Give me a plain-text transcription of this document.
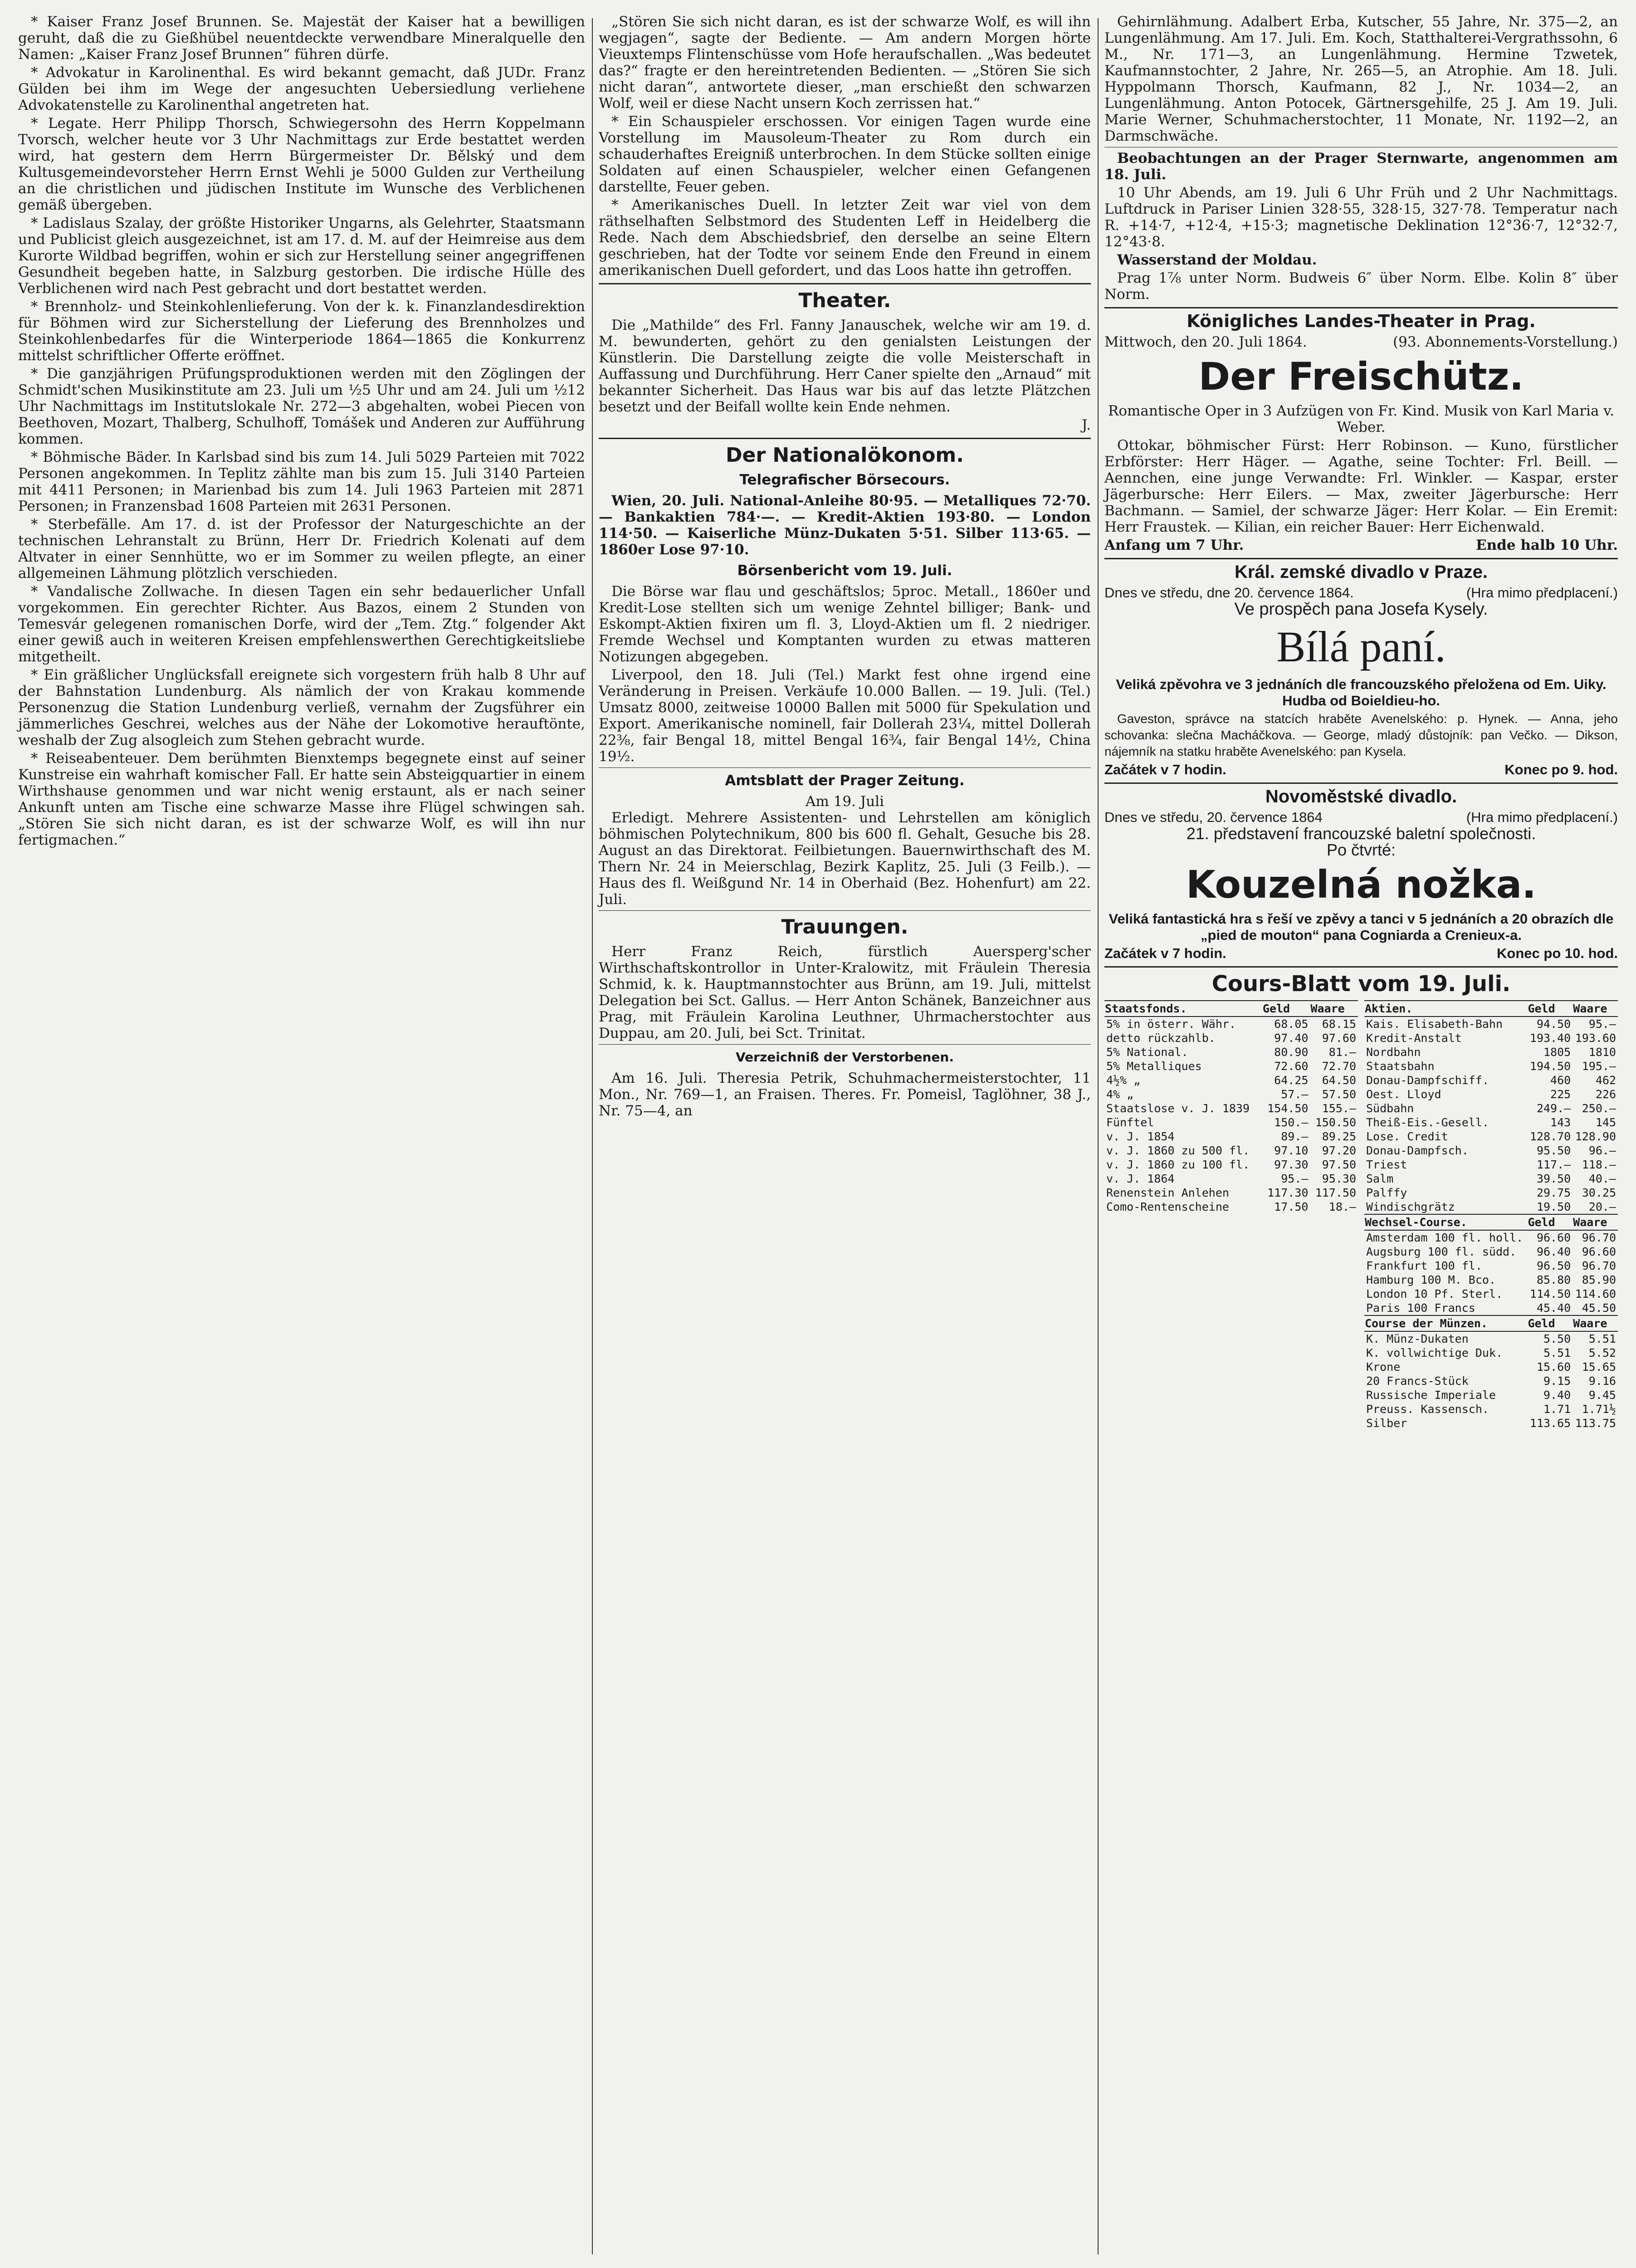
* Kaiser Franz Josef Brunnen. Se. Majestät der Kaiser hat a bewilligen geruht, daß die zu Gießhübel neuentdeckte verwendbare Mineralquelle den Namen: „Kaiser Franz Josef Brunnen“ führen dürfe.

* Advokatur in Karolinenthal. Es wird bekannt gemacht, daß JUDr. Franz Gülden bei ihm im Wege der angesuchten Uebersiedlung verliehene Advokatenstelle zu Karolinenthal angetreten hat.

* Legate. Herr Philipp Thorsch, Schwiegersohn des Herrn Koppelmann Tvorsch, welcher heute vor 3 Uhr Nachmittags zur Erde bestattet werden wird, hat gestern dem Herrn Bürgermeister Dr. Bělský und dem Kultusgemeindevorsteher Herrn Ernst Wehli je 5000 Gulden zur Vertheilung an die christlichen und jüdischen Institute im Wunsche des Verblichenen gemäß übergeben.

* Ladislaus Szalay, der größte Historiker Ungarns, als Gelehrter, Staatsmann und Publicist gleich ausgezeichnet, ist am 17. d. M. auf der Heimreise aus dem Kurorte Wildbad begriffen, wohin er sich zur Herstellung seiner angegriffenen Gesundheit begeben hatte, in Salzburg gestorben. Die irdische Hülle des Verblichenen wird nach Pest gebracht und dort bestattet werden.

* Brennholz- und Steinkohlenlieferung. Von der k. k. Finanzlandesdirektion für Böhmen wird zur Sicherstellung der Lieferung des Brennholzes und Steinkohlenbedarfes für die Winterperiode 1864—1865 die Konkurrenz mittelst schriftlicher Offerte eröffnet.

* Die ganzjährigen Prüfungsproduktionen werden mit den Zöglingen der Schmidt'schen Musikinstitute am 23. Juli um ½5 Uhr und am 24. Juli um ½12 Uhr Nachmittags im Institutslokale Nr. 272—3 abgehalten, wobei Piecen von Beethoven, Mozart, Thalberg, Schulhoff, Tomášek und Anderen zur Aufführung kommen.

* Böhmische Bäder. In Karlsbad sind bis zum 14. Juli 5029 Parteien mit 7022 Personen angekommen. In Teplitz zählte man bis zum 15. Juli 3140 Parteien mit 4411 Personen; in Marienbad bis zum 14. Juli 1963 Parteien mit 2871 Personen; in Franzensbad 1608 Parteien mit 2631 Personen.

* Sterbefälle. Am 17. d. ist der Professor der Naturgeschichte an der technischen Lehranstalt zu Brünn, Herr Dr. Friedrich Kolenati auf dem Altvater in einer Sennhütte, wo er im Sommer zu weilen pflegte, an einer allgemeinen Lähmung plötzlich verschieden.

* Vandalische Zollwache. In diesen Tagen ein sehr bedauerlicher Unfall vorgekommen. Ein gerechter Richter. Aus Bazos, einem 2 Stunden von Temesvár gelegenen romanischen Dorfe, wird der „Tem. Ztg.“ folgender Akt einer gewiß auch in weiteren Kreisen empfehlenswerthen Gerechtigkeitsliebe mitgetheilt.

* Ein gräßlicher Unglücksfall ereignete sich vorgestern früh halb 8 Uhr auf der Bahnstation Lundenburg. Als nämlich der von Krakau kommende Personenzug die Station Lundenburg verließ, vernahm der Zugsführer ein jämmerliches Geschrei, welches aus der Nähe der Lokomotive herauftönte, weshalb der Zug alsogleich zum Stehen gebracht wurde.

* Reiseabenteuer. Dem berühmten Bienxtemps begegnete einst auf seiner Kunstreise ein wahrhaft komischer Fall. Er hatte sein Absteigquartier in einem Wirthshause genommen und war nicht wenig erstaunt, als er nach seiner Ankunft unten am Tische eine schwarze Masse ihre Flügel schwingen sah. „Stören Sie sich nicht daran, es ist der schwarze Wolf, es will ihn nur fertigmachen.“

„Stören Sie sich nicht daran, es ist der schwarze Wolf, es will ihn wegjagen“, sagte der Bediente. — Am andern Morgen hörte Vieuxtemps Flintenschüsse vom Hofe heraufschallen. „Was bedeutet das?“ fragte er den hereintretenden Bedienten. — „Stören Sie sich nicht daran“, antwortete dieser, „man erschießt den schwarzen Wolf, weil er diese Nacht unsern Koch zerrissen hat.“

* Ein Schauspieler erschossen. Vor einigen Tagen wurde eine Vorstellung im Mausoleum-Theater zu Rom durch ein schauderhaftes Ereigniß unterbrochen. In dem Stücke sollten einige Soldaten auf einen Schauspieler, welcher einen Gefangenen darstellte, Feuer geben.

* Amerikanisches Duell. In letzter Zeit war viel von dem räthselhaften Selbstmord des Studenten Leff in Heidelberg die Rede. Nach dem Abschiedsbrief, den derselbe an seine Eltern geschrieben, hat der Todte vor seinem Ende den Freund in einem amerikanischen Duell gefordert, und das Loos hatte ihn getroffen.

Theater.

Die „Mathilde“ des Frl. Fanny Janauschek, welche wir am 19. d. M. bewunderten, gehört zu den genialsten Leistungen der Künstlerin. Die Darstellung zeigte die volle Meisterschaft in Auffassung und Durchführung. Herr Caner spielte den „Arnaud“ mit bekannter Sicherheit. Das Haus war bis auf das letzte Plätzchen besetzt und der Beifall wollte kein Ende nehmen.

J.

Der Nationalökonom.
Telegrafischer Börsecours.

Wien, 20. Juli. National-Anleihe 80·95. — Metalliques 72·70. — Bankaktien 784·—. — Kredit-Aktien 193·80. — London 114·50. — Kaiserliche Münz-Dukaten 5·51. Silber 113·65. — 1860er Lose 97·10.

Börsenbericht vom 19. Juli.

Die Börse war flau und geschäftslos; 5proc. Metall., 1860er und Kredit-Lose stellten sich um wenige Zehntel billiger; Bank- und Eskompt-Aktien fixiren um fl. 3, Lloyd-Aktien um fl. 2 niedriger. Fremde Wechsel und Komptanten wurden zu etwas matteren Notizungen abgegeben.

Liverpool, den 18. Juli (Tel.) Markt fest ohne irgend eine Veränderung in Preisen. Verkäufe 10.000 Ballen. — 19. Juli. (Tel.) Umsatz 8000, zeitweise 10000 Ballen mit 5000 für Spekulation und Export. Amerikanische nominell, fair Dollerah 23¼, mittel Dollerah 22⅜, fair Bengal 18, mittel Bengal 16¾, fair Bengal 14½, China 19½.

Amtsblatt der Prager Zeitung.
Am 19. Juli

Erledigt. Mehrere Assistenten- und Lehrstellen am königlich böhmischen Polytechnikum, 800 bis 600 fl. Gehalt, Gesuche bis 28. August an das Direktorat. Feilbietungen. Bauernwirthschaft des M. Thern Nr. 24 in Meierschlag, Bezirk Kaplitz, 25. Juli (3 Feilb.). — Haus des fl. Weißgund Nr. 14 in Oberhaid (Bez. Hohenfurt) am 22. Juli.

Trauungen.

Herr Franz Reich, fürstlich Auersperg'scher Wirthschaftskontrollor in Unter-Kralowitz, mit Fräulein Theresia Schmid, k. k. Hauptmannstochter aus Brünn, am 19. Juli, mittelst Delegation bei Sct. Gallus. — Herr Anton Schänek, Banzeichner aus Prag, mit Fräulein Karolina Leuthner, Uhrmacherstochter aus Duppau, am 20. Juli, bei Sct. Trinitat.

Verzeichniß der Verstorbenen.

Am 16. Juli. Theresia Petrik, Schuhmachermeisterstochter, 11 Mon., Nr. 769—1, an Fraisen. Theres. Fr. Pomeisl, Taglöhner, 38 J., Nr. 75—4, an

Gehirnlähmung. Adalbert Erba, Kutscher, 55 Jahre, Nr. 375—2, an Lungenlähmung. Am 17. Juli. Em. Koch, Statthalterei-Vergrathssohn, 6 M., Nr. 171—3, an Lungenlähmung. Hermine Tzwetek, Kaufmannstochter, 2 Jahre, Nr. 265—5, an Atrophie. Am 18. Juli. Hyppolmann Thorsch, Kaufmann, 82 J., Nr. 1034—2, an Lungenlähmung. Anton Potocek, Gärtnersgehilfe, 25 J. Am 19. Juli. Marie Werner, Schuhmacherstochter, 11 Monate, Nr. 1192—2, an Darmschwäche.

Beobachtungen an der Prager Sternwarte, angenommen am 18. Juli.

10 Uhr Abends, am 19. Juli 6 Uhr Früh und 2 Uhr Nachmittags. Luftdruck in Pariser Linien 328·55, 328·15, 327·78. Temperatur nach R. +14·7, +12·4, +15·3; magnetische Deklination 12°36·7, 12°32·7, 12°43·8.

Wasserstand der Moldau.

Prag 1⅞ unter Norm. Budweis 6″ über Norm. Elbe. Kolin 8″ über Norm.

Königliches Landes-Theater in Prag.
Mittwoch, den 20. Juli 1864.	(93. Abonnements-Vorstellung.)
Der Freischütz.

Romantische Oper in 3 Aufzügen von Fr. Kind. Musik von Karl Maria v. Weber.

Ottokar, böhmischer Fürst: Herr Robinson. — Kuno, fürstlicher Erbförster: Herr Häger. — Agathe, seine Tochter: Frl. Beill. — Aennchen, eine junge Verwandte: Frl. Winkler. — Kaspar, erster Jägerbursche: Herr Eilers. — Max, zweiter Jägerbursche: Herr Bachmann. — Samiel, der schwarze Jäger: Herr Kolar. — Ein Eremit: Herr Fraustek. — Kilian, ein reicher Bauer: Herr Eichenwald.

Anfang um 7 Uhr.	Ende halb 10 Uhr.
Král. zemské divadlo v Praze.
Dnes ve středu, dne 20. července 1864.	(Hra mimo předplacení.)
Ve prospěch pana Josefa Kysely.
Bílá paní.

Veliká zpěvohra ve 3 jednáních dle francouzského přeložena od Em. Uiky. Hudba od Boieldieu-ho.

Gaveston, správce na statcích hraběte Avenelského: p. Hynek. — Anna, jeho schovanka: slečna Macháčkova. — George, mladý důstojník: pan Večko. — Dikson, nájemník na statku hraběte Avenelského: pan Kysela.

Začátek v 7 hodin.	Konec po 9. hod.
Novoměstské divadlo.
Dnes ve středu, 20. července 1864	(Hra mimo předplacení.)
21. představení francouzské baletní společnosti.
Po čtvrté:
Kouzelná nožka.

Veliká fantastická hra s řeší ve zpěvy a tanci v 5 jednáních a 20 obrazích dle „pied de mouton“ pana Cogniarda a Crenieux-a.

Začátek v 7 hodin.	Konec po 10. hod.
Cours-Blatt vom 19. Juli.
Staatsfonds.	Geld	Waare
5% in österr. Währ.	68.05	68.15
detto rückzahlb.	97.40	97.60
5% National.	80.90	81.—
5% Metalliques	72.60	72.70
4½% „	64.25	64.50
4% „	57.—	57.50
Staatslose v. J. 1839	154.50	155.—
Fünftel	150.—	150.50
v. J. 1854	89.—	89.25
v. J. 1860 zu 500 fl.	97.10	97.20
v. J. 1860 zu 100 fl.	97.30	97.50
v. J. 1864	95.—	95.30
Renenstein Anlehen	117.30	117.50
Como-Rentenscheine	17.50	18.—
Aktien.	Geld	Waare
Kais. Elisabeth-Bahn	94.50	95.—
Kredit-Anstalt	193.40	193.60
Nordbahn	1805	1810
Staatsbahn	194.50	195.—
Donau-Dampfschiff.	460	462
Oest. Lloyd	225	226
Südbahn	249.—	250.—
Theiß-Eis.-Gesell.	143	145
Lose. Credit	128.70	128.90
Donau-Dampfsch.	95.50	96.—
Triest	117.—	118.—
Salm	39.50	40.—
Palffy	29.75	30.25
Windischgrätz	19.50	20.—
Wechsel-Course.	Geld	Waare
Amsterdam 100 fl. holl.	96.60	96.70
Augsburg 100 fl. südd.	96.40	96.60
Frankfurt 100 fl.	96.50	96.70
Hamburg 100 M. Bco.	85.80	85.90
London 10 Pf. Sterl.	114.50	114.60
Paris 100 Francs	45.40	45.50
Course der Münzen.	Geld	Waare
K. Münz-Dukaten	5.50	5.51
K. vollwichtige Duk.	5.51	5.52
Krone	15.60	15.65
20 Francs-Stück	9.15	9.16
Russische Imperiale	9.40	9.45
Preuss. Kassensch.	1.71	1.71½
Silber	113.65	113.75
